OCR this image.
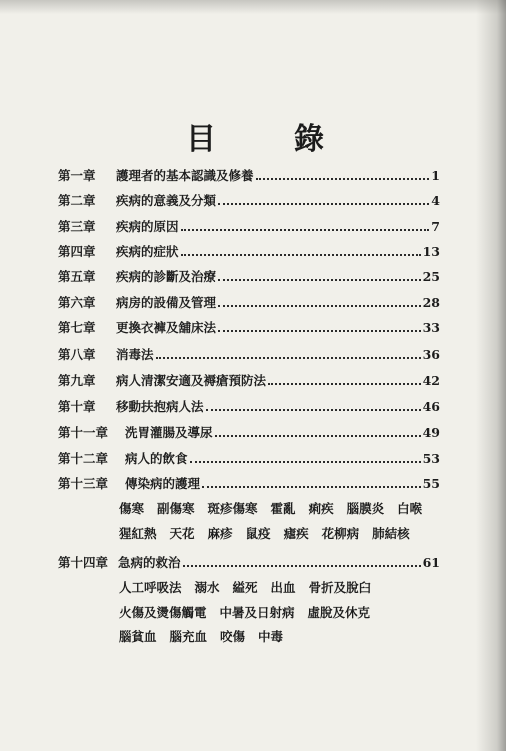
目	錄
第一章	護理者的基本認識及修養	1
第二章	疾病的意義及分類	4
第三章	疾病的原因	7
第四章	疾病的症狀	13
第五章	疾病的診斷及治療	25
第六章	病房的設備及管理	28
第七章	更換衣褲及舖床法	33
第八章	消毒法	36
第九章	病人清潔安適及褥瘡預防法	42
第十章	移動扶抱病人法	46
第十一章	洗胃灌腸及導尿	49
第十二章	病人的飲食	53
第十三章	傳染病的護理	55
傷寒 副傷寒 斑疹傷寒 霍亂 痢疾 腦膜炎 白喉
猩紅熱 天花 麻疹 鼠疫 瘧疾 花柳病 肺結核
第十四章 急病的救治	61
人工呼吸法 溺水 縊死 出血 骨折及脫臼
火傷及燙傷觸電 中暑及日射病 虛脫及休克
腦貧血 腦充血 咬傷 中毒
